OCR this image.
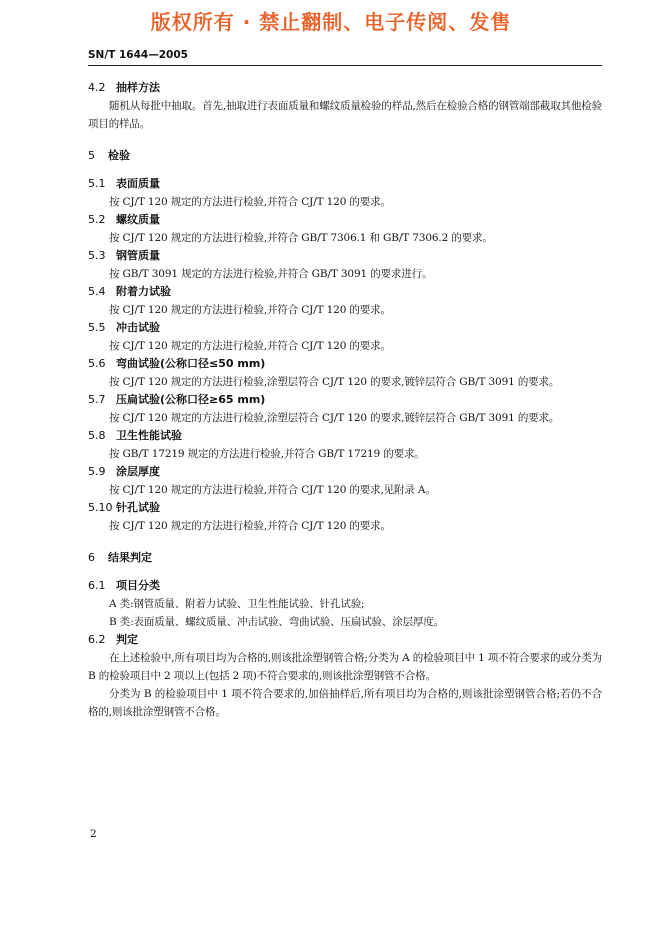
版权所有 · 禁止翻制、电子传阅、发售
SN/T 1644—2005
4.2 抽样方法
随机从每批中抽取。首先,抽取进行表面质量和螺纹质量检验的样品,然后在检验合格的钢管端部截取其他检验项目的样品。
5 检验
5.1 表面质量
按 CJ/T 120 规定的方法进行检验,并符合 CJ/T 120 的要求。
5.2 螺纹质量
按 CJ/T 120 规定的方法进行检验,并符合 GB/T 7306.1 和 GB/T 7306.2 的要求。
5.3 钢管质量
按 GB/T 3091 规定的方法进行检验,并符合 GB/T 3091 的要求进行。
5.4 附着力试验
按 CJ/T 120 规定的方法进行检验,并符合 CJ/T 120 的要求。
5.5 冲击试验
按 CJ/T 120 规定的方法进行检验,并符合 CJ/T 120 的要求。
5.6 弯曲试验(公称口径≤50 mm)
按 CJ/T 120 规定的方法进行检验,涂塑层符合 CJ/T 120 的要求,镀锌层符合 GB/T 3091 的要求。
5.7 压扁试验(公称口径≥65 mm)
按 CJ/T 120 规定的方法进行检验,涂塑层符合 CJ/T 120 的要求,镀锌层符合 GB/T 3091 的要求。
5.8 卫生性能试验
按 GB/T 17219 规定的方法进行检验,并符合 GB/T 17219 的要求。
5.9 涂层厚度
按 CJ/T 120 规定的方法进行检验,并符合 CJ/T 120 的要求,见附录 A。
5.10 针孔试验
按 CJ/T 120 规定的方法进行检验,并符合 CJ/T 120 的要求。
6 结果判定
6.1 项目分类
A 类:钢管质量、附着力试验、卫生性能试验、针孔试验;
B 类:表面质量、螺纹质量、冲击试验、弯曲试验、压扁试验、涂层厚度。
6.2 判定
在上述检验中,所有项目均为合格的,则该批涂塑钢管合格;分类为 A 的检验项目中 1 项不符合要求的或分类为 B 的检验项目中 2 项以上(包括 2 项)不符合要求的,则该批涂塑钢管不合格。
分类为 B 的检验项目中 1 项不符合要求的,加倍抽样后,所有项目均为合格的,则该批涂塑钢管合格;若仍不合格的,则该批涂塑钢管不合格。
2
